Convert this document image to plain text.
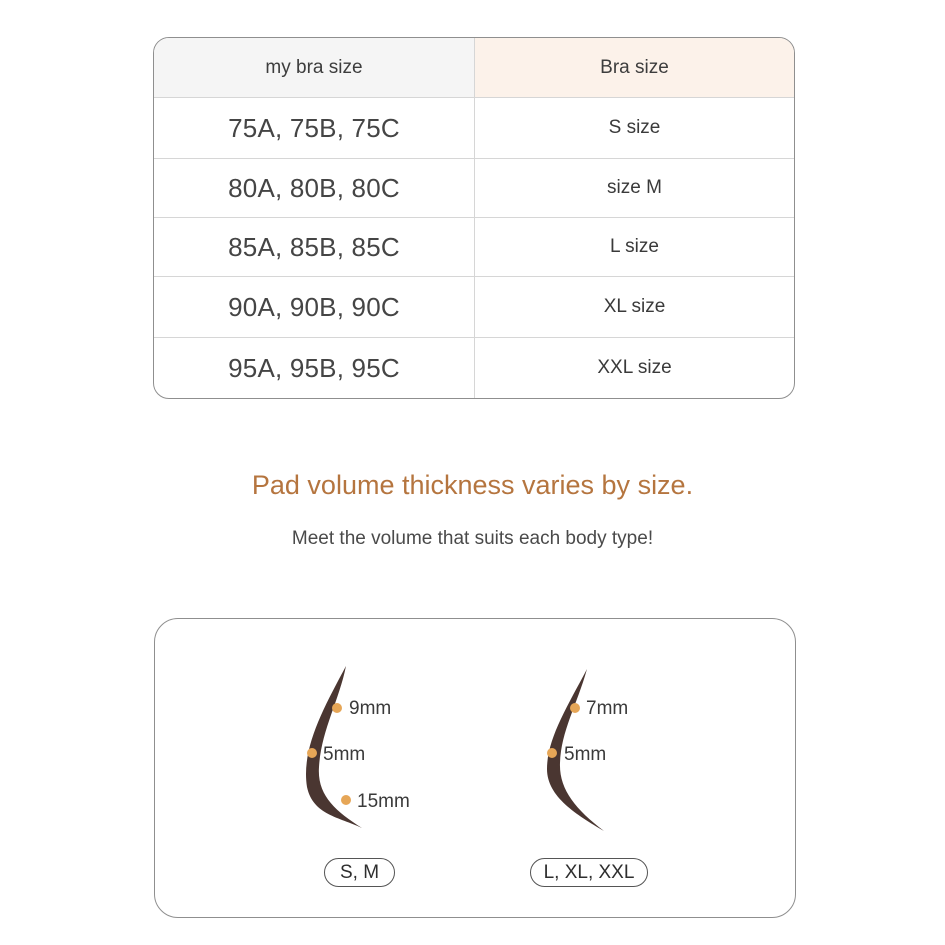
my bra size	Bra size
75A, 75B, 75C	S size
80A, 80B, 80C	size M
85A, 85B, 85C	L size
90A, 90B, 90C	XL size
95A, 95B, 95C	XXL size
Pad volume thickness varies by size.

Meet the volume that suits each body type!

9mm
5mm
15mm
7mm
5mm
S, M	L, XL, XXL
